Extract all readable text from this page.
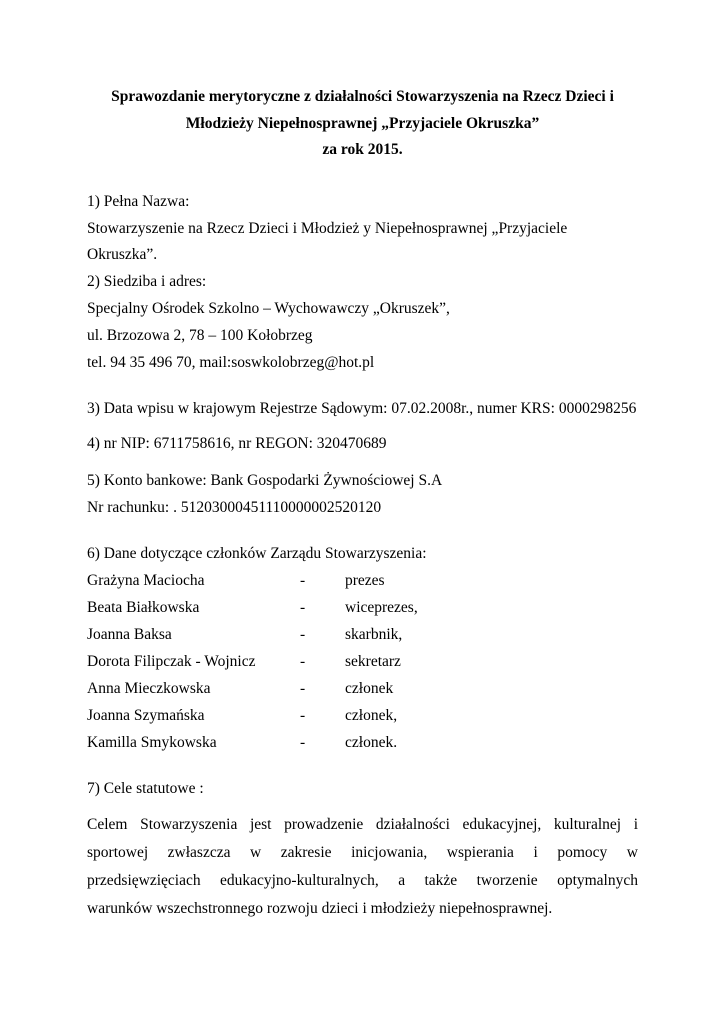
Sprawozdanie merytoryczne z działalności Stowarzyszenia na Rzecz Dzieci i
Młodzieży Niepełnosprawnej „Przyjaciele Okruszka”
za rok 2015.
1) Pełna Nazwa:
Stowarzyszenie na Rzecz Dzieci i Młodzież y Niepełnosprawnej „Przyjaciele
Okruszka”.
2) Siedziba i adres:
Specjalny Ośrodek Szkolno – Wychowawczy „Okruszek”,
ul. Brzozowa 2, 78 – 100 Kołobrzeg
tel. 94 35 496 70, mail:soswkolobrzeg@hot.pl
3) Data wpisu w krajowym Rejestrze Sądowym: 07.02.2008r., numer KRS: 0000298256
4) nr NIP: 6711758616, nr REGON: 320470689
5) Konto bankowe: Bank Gospodarki Żywnościowej S.A
Nr rachunku: . 51203000451110000002520120
6) Dane dotyczące członków Zarządu Stowarzyszenia:
Grażyna Maciocha	-	prezes
Beata Białkowska	-	wiceprezes,
Joanna Baksa	-	skarbnik,
Dorota Filipczak - Wojnicz	-	sekretarz
Anna Mieczkowska	-	członek
Joanna Szymańska	-	członek,
Kamilla Smykowska	-	członek.
7) Cele statutowe :
Celem Stowarzyszenia jest prowadzenie działalności edukacyjnej, kulturalnej i
sportowej zwłaszcza w zakresie inicjowania, wspierania i pomocy w
przedsięwzięciach edukacyjno-kulturalnych, a także tworzenie optymalnych
warunków wszechstronnego rozwoju dzieci i młodzieży niepełnosprawnej.
